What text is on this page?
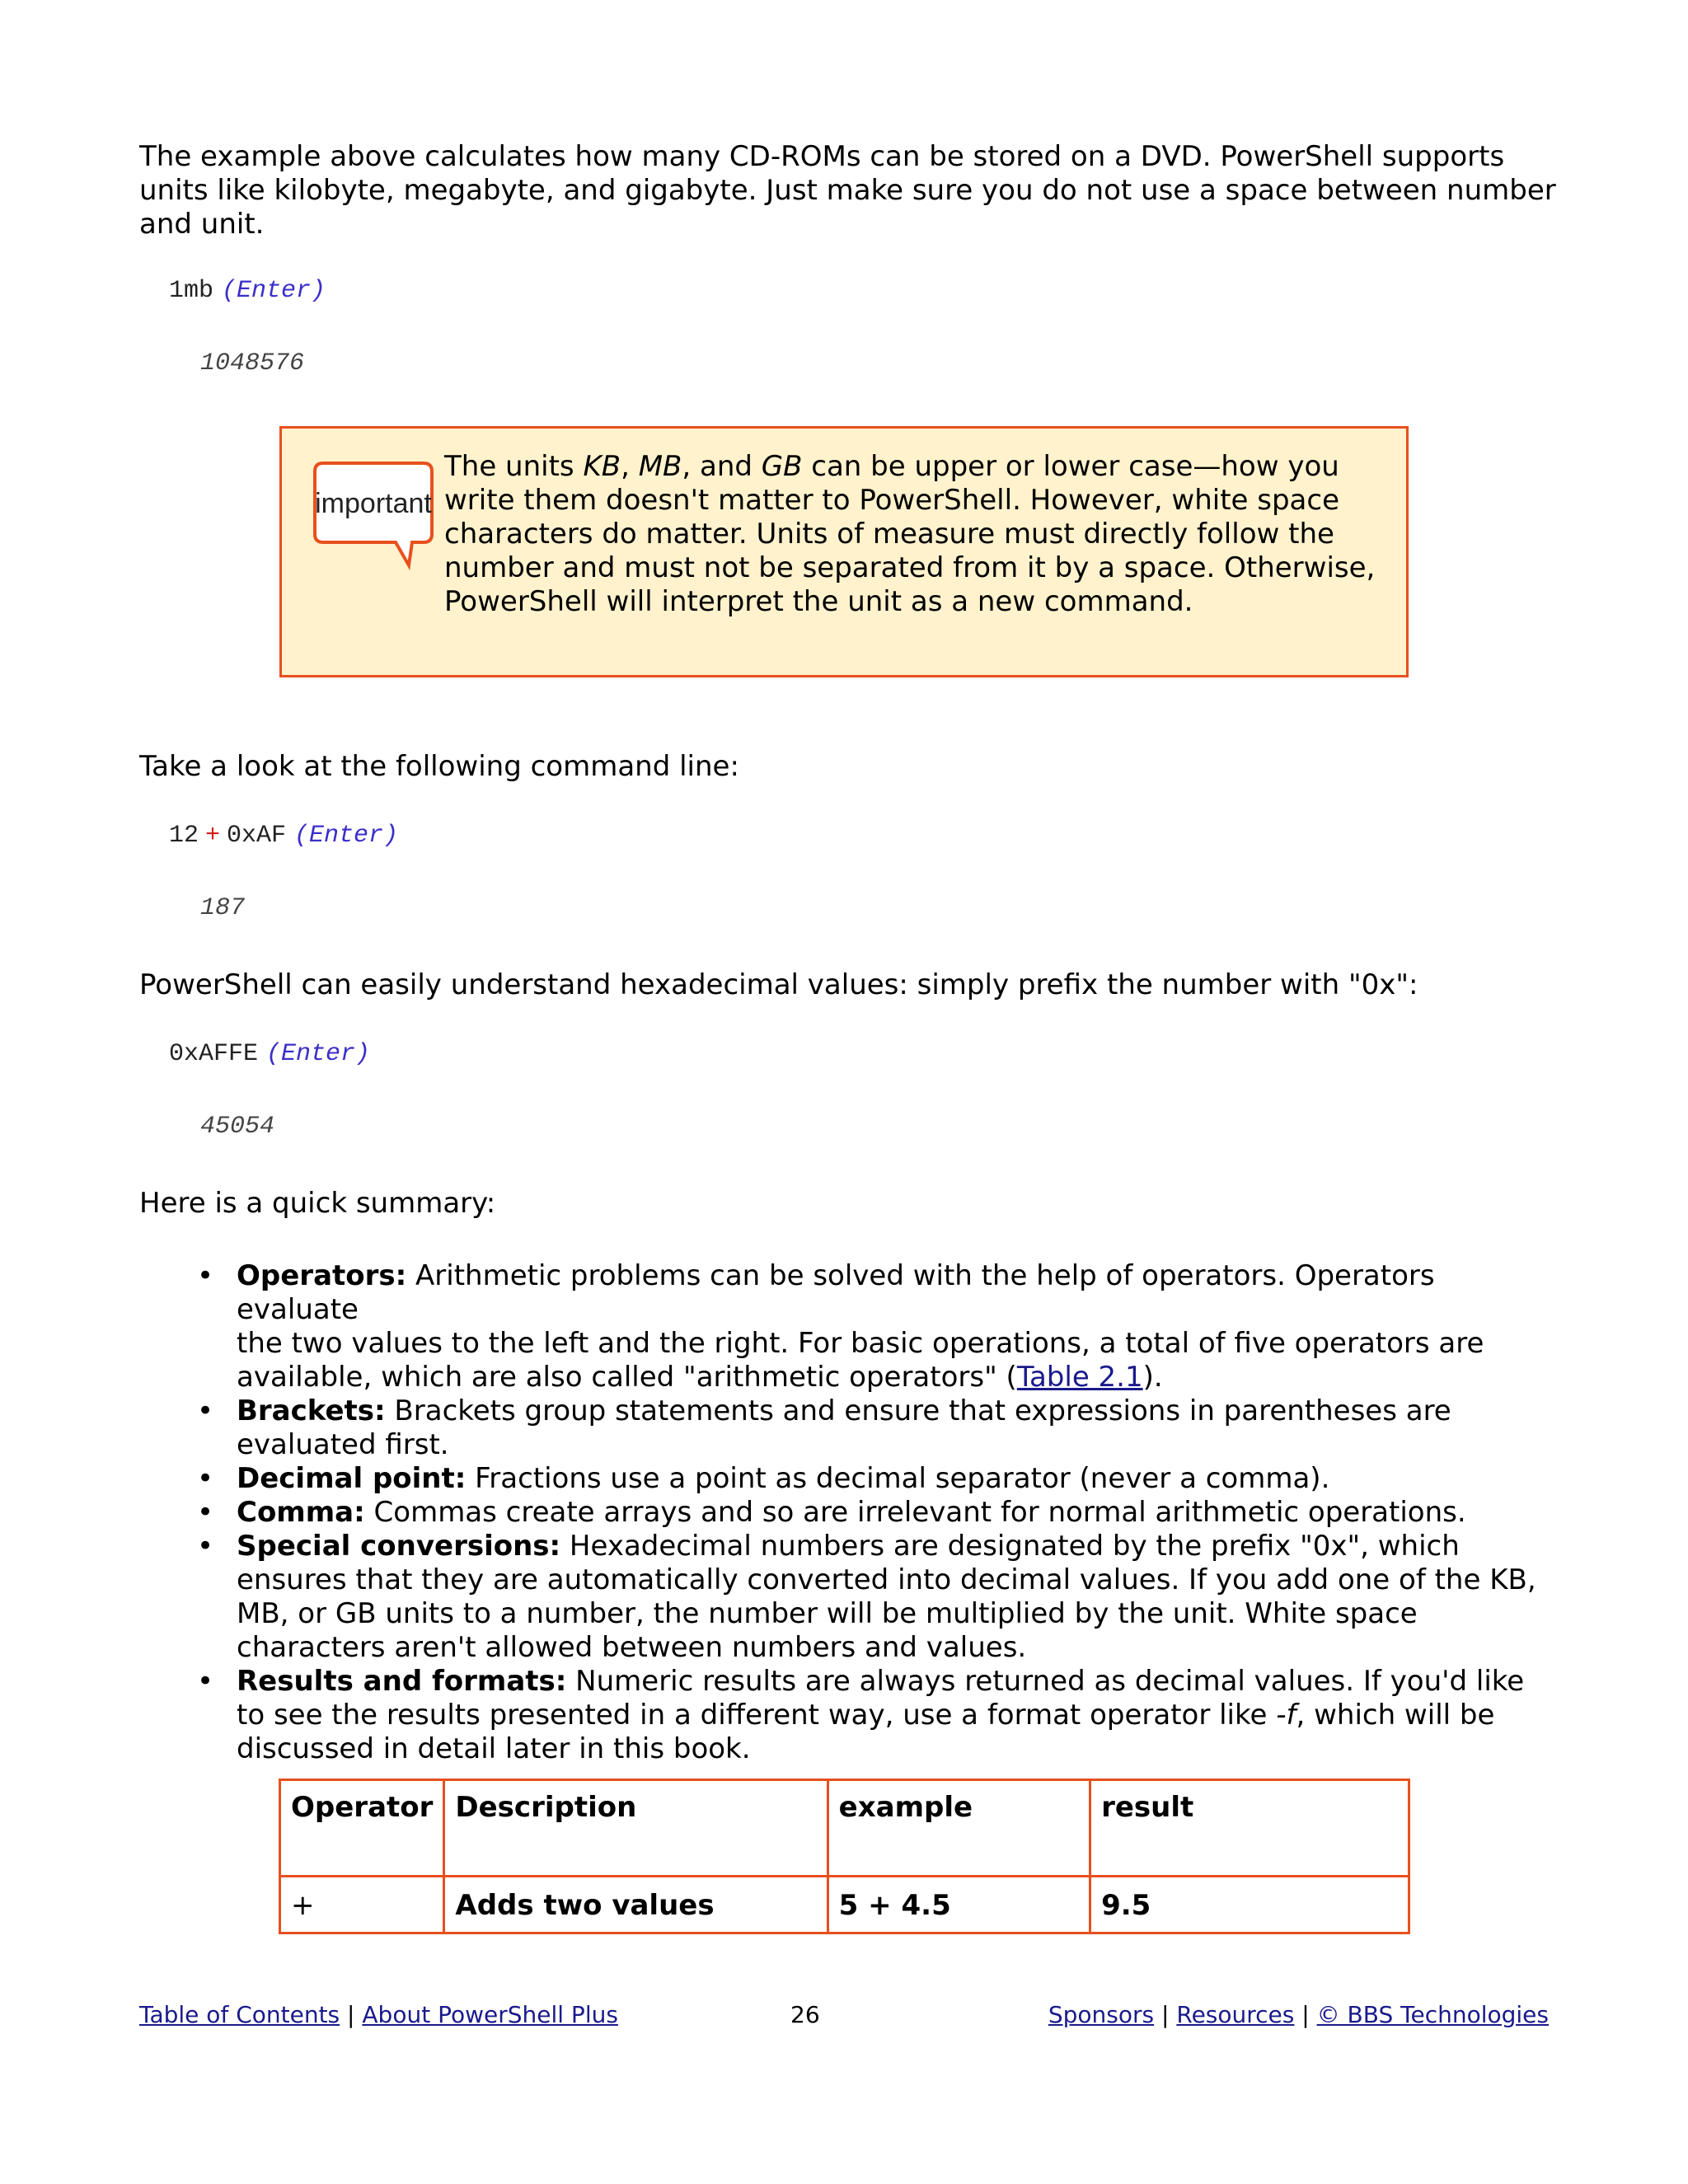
The example above calculates how many CD-ROMs can be stored on a DVD. PowerShell supports
units like kilobyte, megabyte, and gigabyte. Just make sure you do not use a space between number
and unit.
1mb (Enter)
1048576
important
The units KB, MB, and GB can be upper or lower case—how you
write them doesn't matter to PowerShell. However, white space
characters do matter. Units of measure must directly follow the
number and must not be separated from it by a space. Otherwise,
PowerShell will interpret the unit as a new command.
Take a look at the following command line:
12 + 0xAF (Enter)
187
PowerShell can easily understand hexadecimal values: simply prefix the number with "0x":
0xAFFE (Enter)
45054
Here is a quick summary:
• Operators: Arithmetic problems can be solved with the help of operators. Operators evaluate
the two values to the left and the right. For basic operations, a total of five operators are
available, which are also called "arithmetic operators" (Table 2.1).
• Brackets: Brackets group statements and ensure that expressions in parentheses are
evaluated first.
• Decimal point: Fractions use a point as decimal separator (never a comma).
• Comma: Commas create arrays and so are irrelevant for normal arithmetic operations.
• Special conversions: Hexadecimal numbers are designated by the prefix "0x", which
ensures that they are automatically converted into decimal values. If you add one of the KB,
MB, or GB units to a number, the number will be multiplied by the unit. White space
characters aren't allowed between numbers and values.
• Results and formats: Numeric results are always returned as decimal values. If you'd like
to see the results presented in a different way, use a format operator like -f, which will be
discussed in detail later in this book.
Operator	Description	example	result
+	Adds two values	5 + 4.5	9.5
Table of Contents | About PowerShell Plus	26	Sponsors | Resources | © BBS Technologies
